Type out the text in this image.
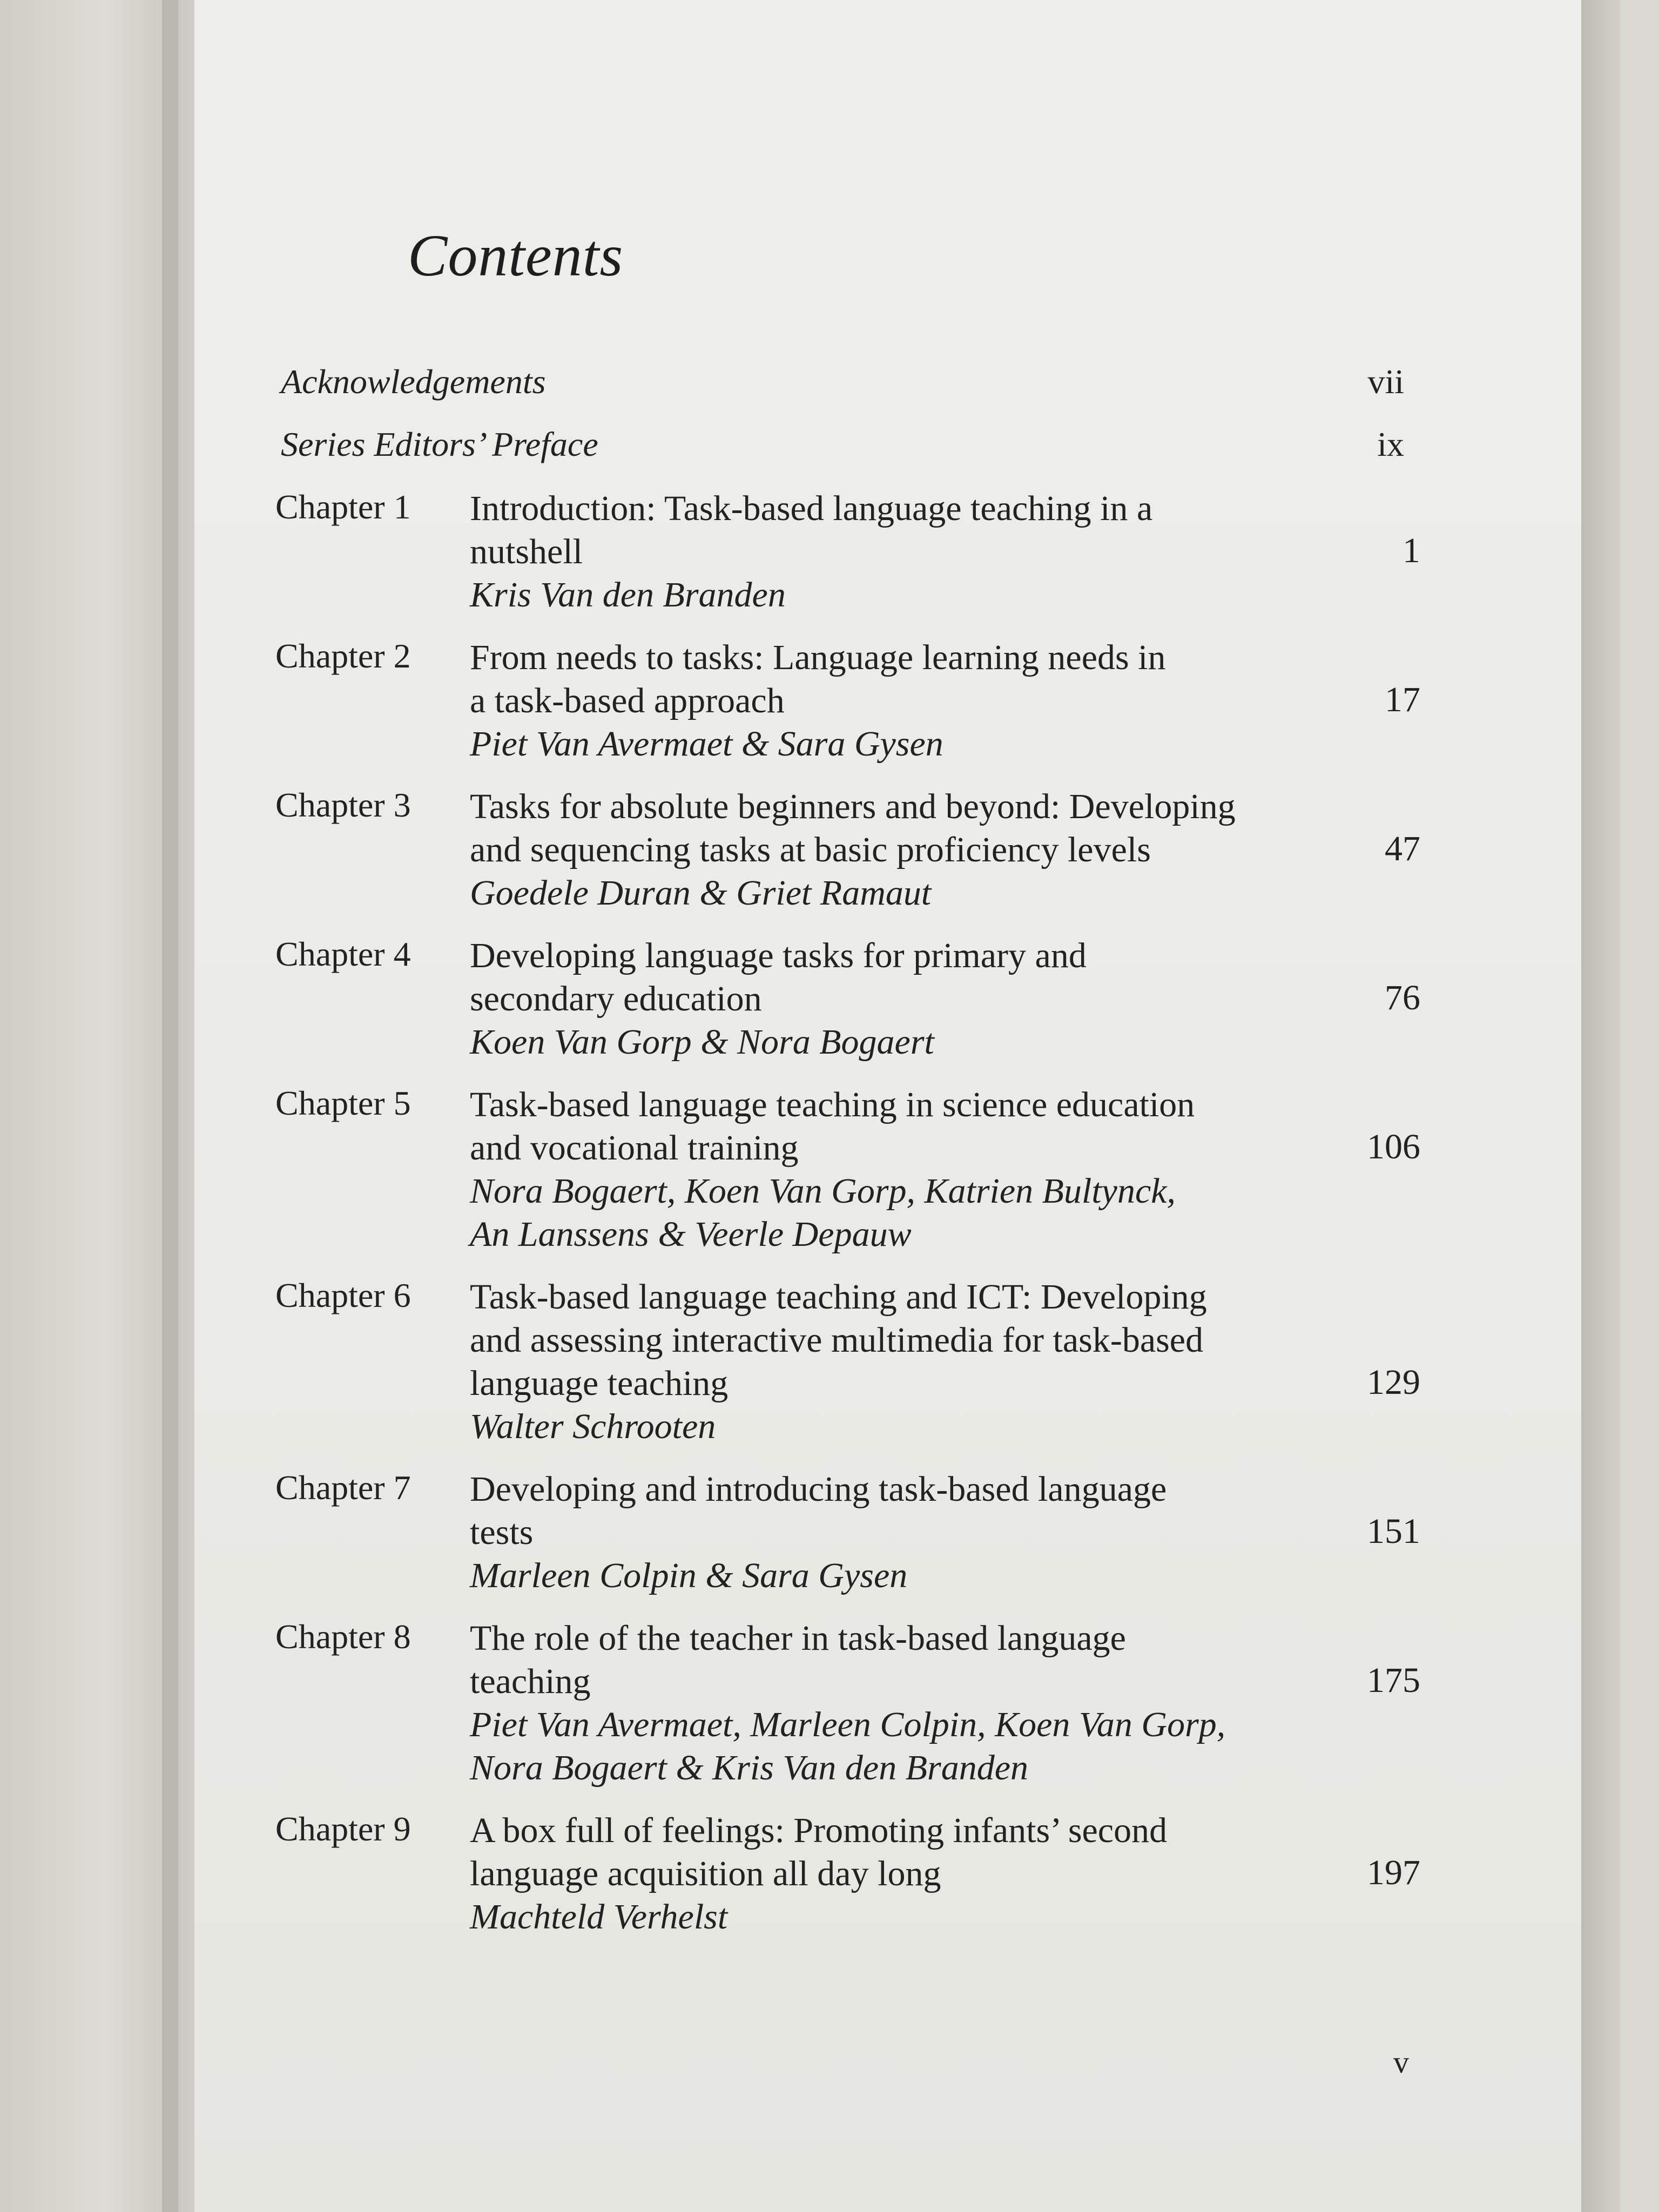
Contents
Acknowledgements	vii
Series Editors’ Preface	ix
Chapter 1 Introduction: Task-based language teaching in a
nutshell
Kris Van den Branden
1
Chapter 2 From needs to tasks: Language learning needs in
a task-based approach
Piet Van Avermaet & Sara Gysen
17
Chapter 3 Tasks for absolute beginners and beyond: Developing
and sequencing tasks at basic proficiency levels
Goedele Duran & Griet Ramaut
47
Chapter 4 Developing language tasks for primary and
secondary education
Koen Van Gorp & Nora Bogaert
76
Chapter 5 Task-based language teaching in science education
and vocational training
Nora Bogaert, Koen Van Gorp, Katrien Bultynck,
An Lanssens & Veerle Depauw
106
Chapter 6 Task-based language teaching and ICT: Developing
and assessing interactive multimedia for task-based
language teaching
Walter Schrooten
129
Chapter 7 Developing and introducing task-based language
tests
Marleen Colpin & Sara Gysen
151
Chapter 8 The role of the teacher in task-based language
teaching
Piet Van Avermaet, Marleen Colpin, Koen Van Gorp,
Nora Bogaert & Kris Van den Branden
175
Chapter 9 A box full of feelings: Promoting infants’ second
language acquisition all day long
Machteld Verhelst
197
v
